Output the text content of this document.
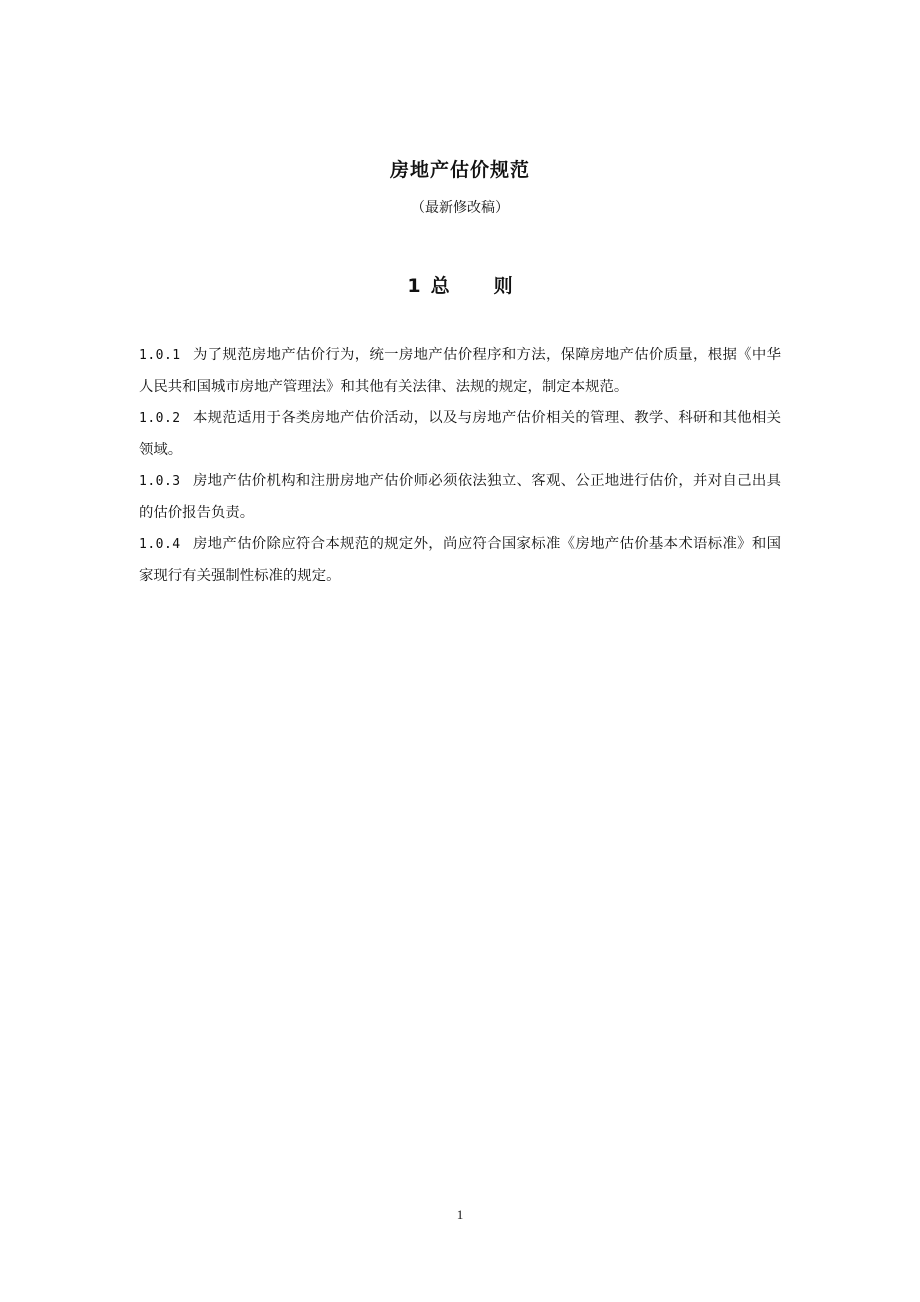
房地产估价规范
（最新修改稿）
1 总 则

1.0.1 为了规范房地产估价行为，统一房地产估价程序和方法，保障房地产估价质量，根据《中华人民共和国城市房地产管理法》和其他有关法律、法规的规定，制定本规范。

1.0.2 本规范适用于各类房地产估价活动，以及与房地产估价相关的管理、教学、科研和其他相关领域。

1.0.3 房地产估价机构和注册房地产估价师必须依法独立、客观、公正地进行估价，并对自己出具的估价报告负责。

1.0.4 房地产估价除应符合本规范的规定外，尚应符合国家标准《房地产估价基本术语标准》和国家现行有关强制性标准的规定。

1
